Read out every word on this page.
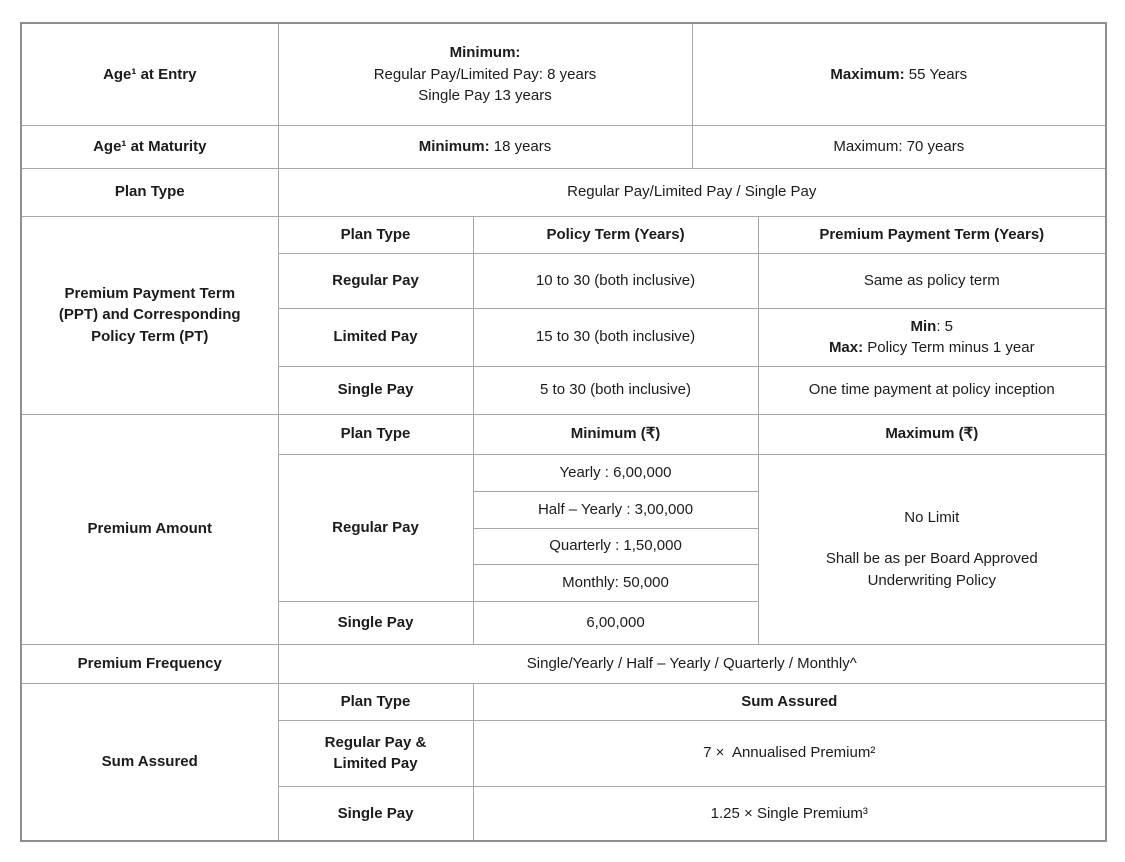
Age¹ at Entry	Minimum:
Regular Pay/Limited Pay: 8 years
Single Pay 13 years		Maximum: 55 Years	
Age¹ at Maturity	Minimum: 18 years		Maximum: 70 years	
Plan Type	Regular Pay/Limited Pay / Single Pay			

Premium Payment Term (PPT) and Corresponding Policy Term (PT)	Plan Type	Policy Term (Years)		Premium Payment Term (Years)
	Regular Pay	10 to 30 (both inclusive)		Same as policy term
	Limited Pay	15 to 30 (both inclusive)		Min: 5
Max: Policy Term minus 1 year

	Single Pay	5 to 30 (both inclusive)		One time payment at policy inception
Premium Amount	Plan Type	Minimum (₹)		Maximum (₹)
	Regular Pay	Yearly : 6,00,000		No Limit
Shall be as per Board Approved Underwriting Policy

		Half – Yearly : 3,00,000		
		Quarterly : 1,50,000		
		Monthly: 50,000		
	Single Pay	6,00,000		
Premium Frequency	Single/Yearly / Half – Yearly / Quarterly / Monthly^			
Sum Assured	Plan Type	Sum Assured		

	Regular Pay & Limited Pay	7 ×  Annualised Premium²		
	Single Pay	1.25 × Single Premium³		
